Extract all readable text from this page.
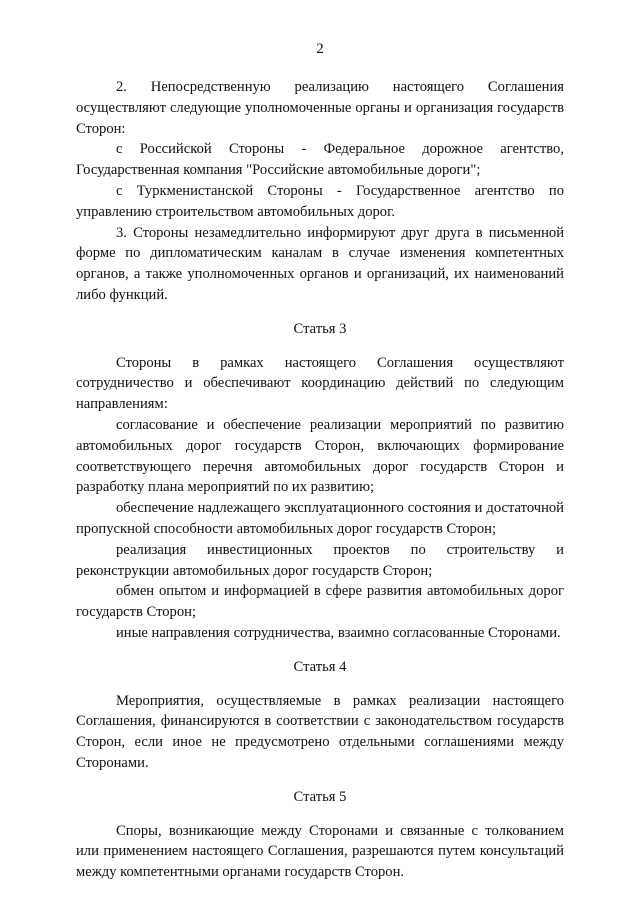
2

2. Непосредственную реализацию настоящего Соглашения осуществляют следующие уполномоченные органы и организация государств Сторон:

с Российской Стороны - Федеральное дорожное агентство, Государственная компания "Российские автомобильные дороги";

с Туркменистанской Стороны - Государственное агентство по управлению строительством автомобильных дорог.

3. Стороны незамедлительно информируют друг друга в письменной форме по дипломатическим каналам в случае изменения компетентных органов, а также уполномоченных органов и организаций, их наименований либо функций.

Статья 3

Стороны в рамках настоящего Соглашения осуществляют сотрудничество и обеспечивают координацию действий по следующим направлениям:

согласование и обеспечение реализации мероприятий по развитию автомобильных дорог государств Сторон, включающих формирование соответствующего перечня автомобильных дорог государств Сторон и разработку плана мероприятий по их развитию;

обеспечение надлежащего эксплуатационного состояния и достаточной пропускной способности автомобильных дорог государств Сторон;

реализация инвестиционных проектов по строительству и реконструкции автомобильных дорог государств Сторон;

обмен опытом и информацией в сфере развития автомобильных дорог государств Сторон;

иные направления сотрудничества, взаимно согласованные Сторонами.

Статья 4

Мероприятия, осуществляемые в рамках реализации настоящего Соглашения, финансируются в соответствии с законодательством государств Сторон, если иное не предусмотрено отдельными соглашениями между Сторонами.

Статья 5

Споры, возникающие между Сторонами и связанные с толкованием или применением настоящего Соглашения, разрешаются путем консультаций между компетентными органами государств Сторон.
